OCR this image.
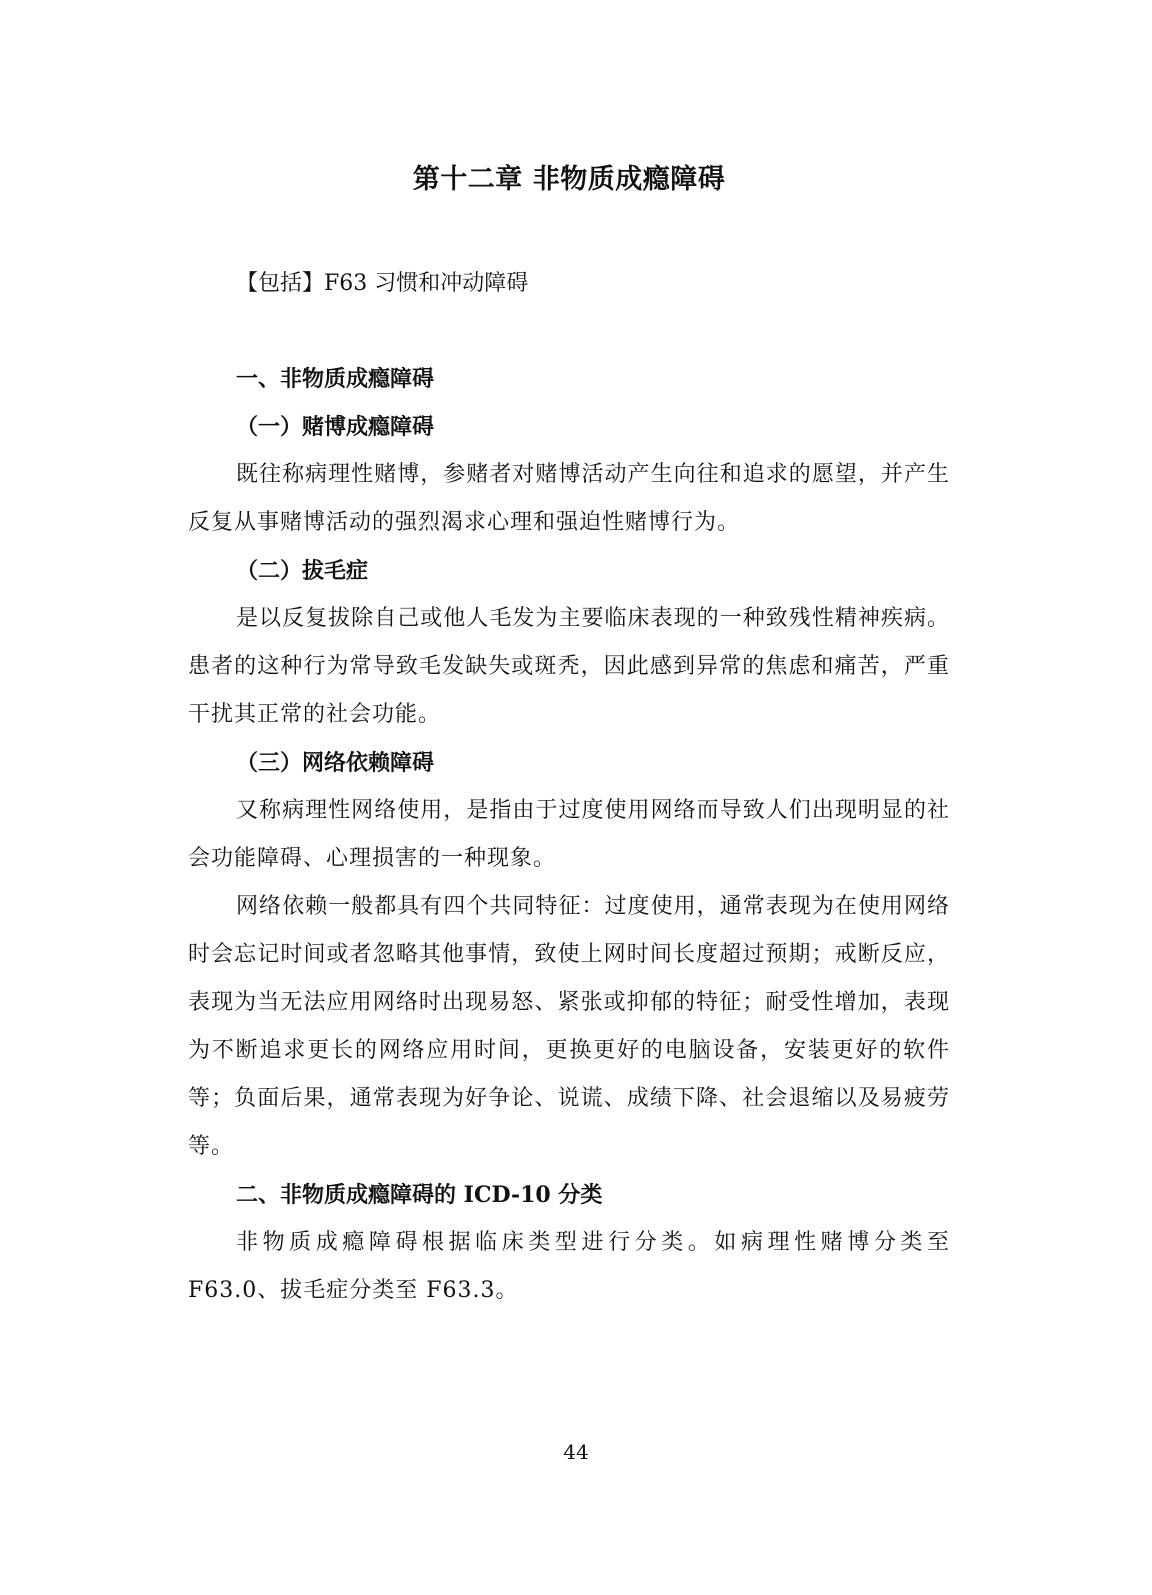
第十二章 非物质成瘾障碍

【包括】F63 习惯和冲动障碍

一、非物质成瘾障碍
（一）赌博成瘾障碍

既往称病理性赌博，参赌者对赌博活动产生向往和追求的愿望，并产生反复从事赌博活动的强烈渴求心理和强迫性赌博行为。

（二）拔毛症

是以反复拔除自己或他人毛发为主要临床表现的一种致残性精神疾病。患者的这种行为常导致毛发缺失或斑秃，因此感到异常的焦虑和痛苦，严重干扰其正常的社会功能。

（三）网络依赖障碍

又称病理性网络使用，是指由于过度使用网络而导致人们出现明显的社会功能障碍、心理损害的一种现象。

网络依赖一般都具有四个共同特征：过度使用，通常表现为在使用网络时会忘记时间或者忽略其他事情，致使上网时间长度超过预期；戒断反应，表现为当无法应用网络时出现易怒、紧张或抑郁的特征；耐受性增加，表现为不断追求更长的网络应用时间，更换更好的电脑设备，安装更好的软件等；负面后果，通常表现为好争论、说谎、成绩下降、社会退缩以及易疲劳等。

二、非物质成瘾障碍的 ICD-10 分类

非物质成瘾障碍根据临床类型进行分类。如病理性赌博分类至 F63.0、拔毛症分类至 F63.3。

44
